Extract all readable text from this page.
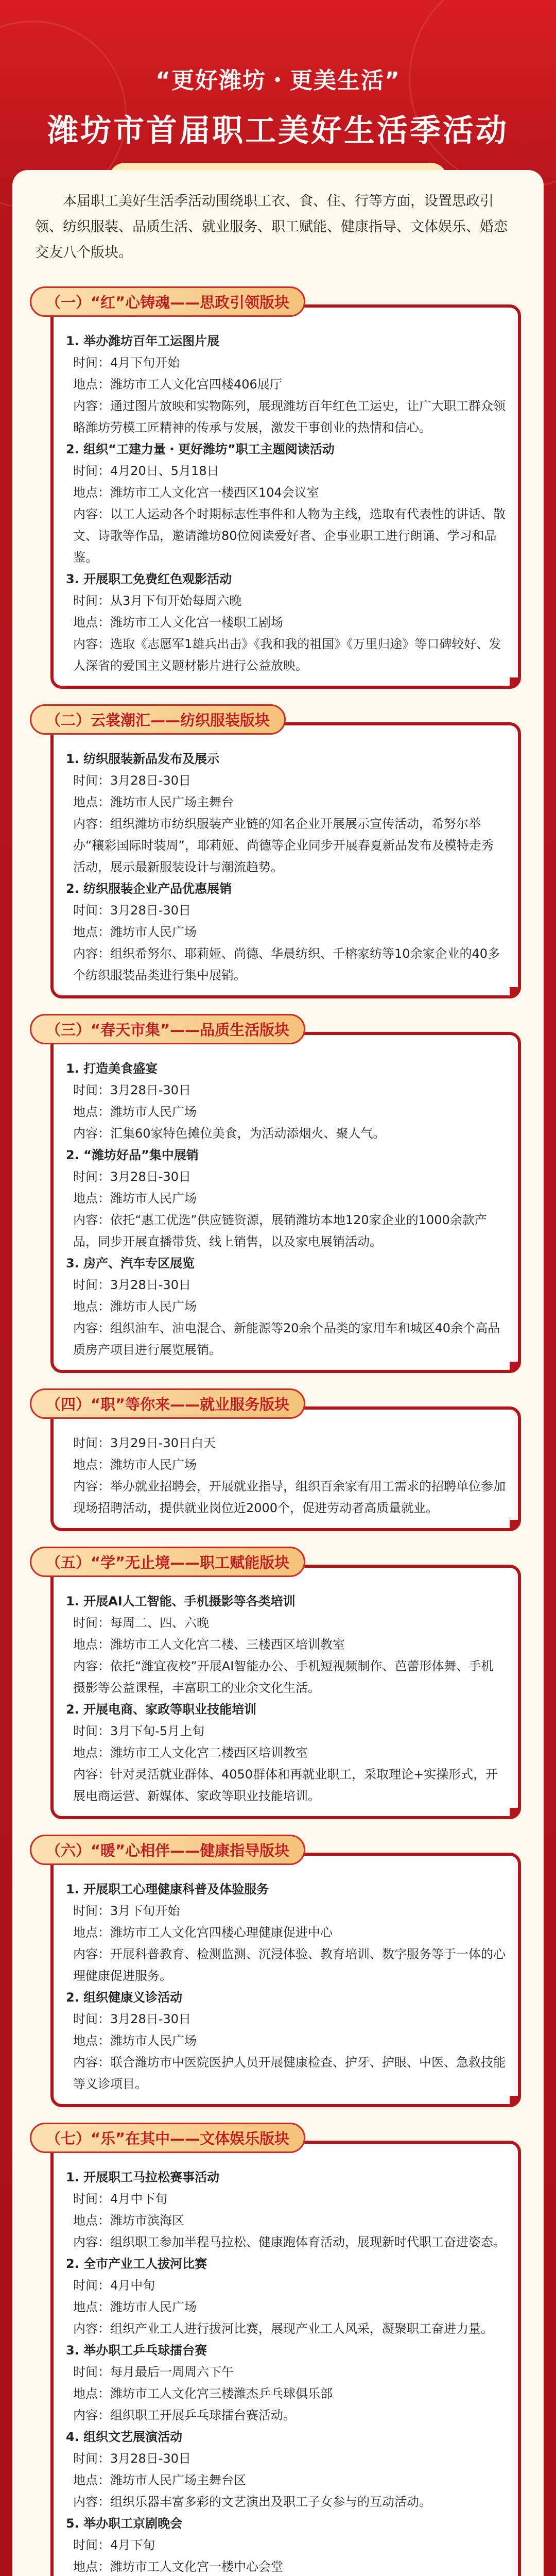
“更好潍坊・更美生活”
潍坊市首届职工美好生活季活动
本届职工美好生活季活动围绕职工衣、食、住、行等方面，设置思政引领、纺织服装、品质生活、就业服务、职工赋能、健康指导、文体娱乐、婚恋交友八个版块。
（一）“红”心铸魂——思政引领版块
1. 举办潍坊百年工运图片展
时间：4月下旬开始
地点：潍坊市工人文化宫四楼406展厅
内容：通过图片放映和实物陈列，展现潍坊百年红色工运史，让广大职工群众领略潍坊劳模工匠精神的传承与发展，激发干事创业的热情和信心。
2. 组织“工建力量・更好潍坊”职工主题阅读活动
时间：4月20日、5月18日
地点：潍坊市工人文化宫一楼西区104会议室
内容：以工人运动各个时期标志性事件和人物为主线，选取有代表性的讲话、散文、诗歌等作品，邀请潍坊80位阅读爱好者、企事业职工进行朗诵、学习和品鉴。
3. 开展职工免费红色观影活动
时间：从3月下旬开始每周六晚
地点：潍坊市工人文化宫一楼职工剧场
内容：选取《志愿军1雄兵出击》《我和我的祖国》《万里归途》等口碑较好、发人深省的爱国主义题材影片进行公益放映。
（二）云裳潮汇——纺织服装版块
1. 纺织服装新品发布及展示
时间：3月28日-30日
地点：潍坊市人民广场主舞台
内容：组织潍坊市纺织服装产业链的知名企业开展展示宣传活动，希努尔举办“穰彩国际时装周”，耶莉娅、尚德等企业同步开展春夏新品发布及模特走秀活动，展示最新服装设计与潮流趋势。
2. 纺织服装企业产品优惠展销
时间：3月28日-30日
地点：潍坊市人民广场
内容：组织希努尔、耶莉娅、尚德、华晨纺织、千榕家纺等10余家企业的40多个纺织服装品类进行集中展销。
（三）“春天市集”——品质生活版块
1. 打造美食盛宴
时间：3月28日-30日
地点：潍坊市人民广场
内容：汇集60家特色摊位美食，为活动添烟火、聚人气。
2. “潍坊好品”集中展销
时间：3月28日-30日
地点：潍坊市人民广场
内容：依托“惠工优选”供应链资源，展销潍坊本地120家企业的1000余款产品，同步开展直播带货、线上销售，以及家电展销活动。
3. 房产、汽车专区展览
时间：3月28日-30日
地点：潍坊市人民广场
内容：组织油车、油电混合、新能源等20余个品类的家用车和城区40余个高品质房产项目进行展览展销。
（四）“职”等你来——就业服务版块
时间：3月29日-30日白天
地点：潍坊市人民广场
内容：举办就业招聘会，开展就业指导，组织百余家有用工需求的招聘单位参加现场招聘活动，提供就业岗位近2000个，促进劳动者高质量就业。
（五）“学”无止境——职工赋能版块
1. 开展AI人工智能、手机摄影等各类培训
时间：每周二、四、六晚
地点：潍坊市工人文化宫二楼、三楼西区培训教室
内容：依托“潍宜夜校”开展AI智能办公、手机短视频制作、芭蕾形体舞、手机摄影等公益课程，丰富职工的业余文化生活。
2. 开展电商、家政等职业技能培训
时间：3月下旬-5月上旬
地点：潍坊市工人文化宫二楼西区培训教室
内容：针对灵活就业群体、4050群体和再就业职工，采取理论+实操形式，开展电商运营、新媒体、家政等职业技能培训。
（六）“暖”心相伴——健康指导版块
1. 开展职工心理健康科普及体验服务
时间：3月下旬开始
地点：潍坊市工人文化宫四楼心理健康促进中心
内容：开展科普教育、检测监测、沉浸体验、教育培训、数字服务等于一体的心理健康促进服务。
2. 组织健康义诊活动
时间：3月28日-30日
地点：潍坊市人民广场
内容：联合潍坊市中医院医护人员开展健康检查、护牙、护眼、中医、急救技能等义诊项目。
（七）“乐”在其中——文体娱乐版块
1. 开展职工马拉松赛事活动
时间：4月中下旬
地点：潍坊市滨海区
内容：组织职工参加半程马拉松、健康跑体育活动，展现新时代职工奋进姿态。
2. 全市产业工人拔河比赛
时间：4月中旬
地点：潍坊市人民广场
内容：组织产业工人进行拔河比赛，展现产业工人风采，凝聚职工奋进力量。
3. 举办职工乒乓球擂台赛
时间：每月最后一周周六下午
地点：潍坊市工人文化宫三楼潍杰乒乓球俱乐部
内容：组织职工开展乒乓球擂台赛活动。
4. 组织文艺展演活动
时间：3月28日-30日
地点：潍坊市人民广场主舞台区
内容：组织乐器丰富多彩的文艺演出及职工子女参与的互动活动。
5. 举办职工京剧晚会
时间：4月下旬
地点：潍坊市工人文化宫一楼中心会堂
